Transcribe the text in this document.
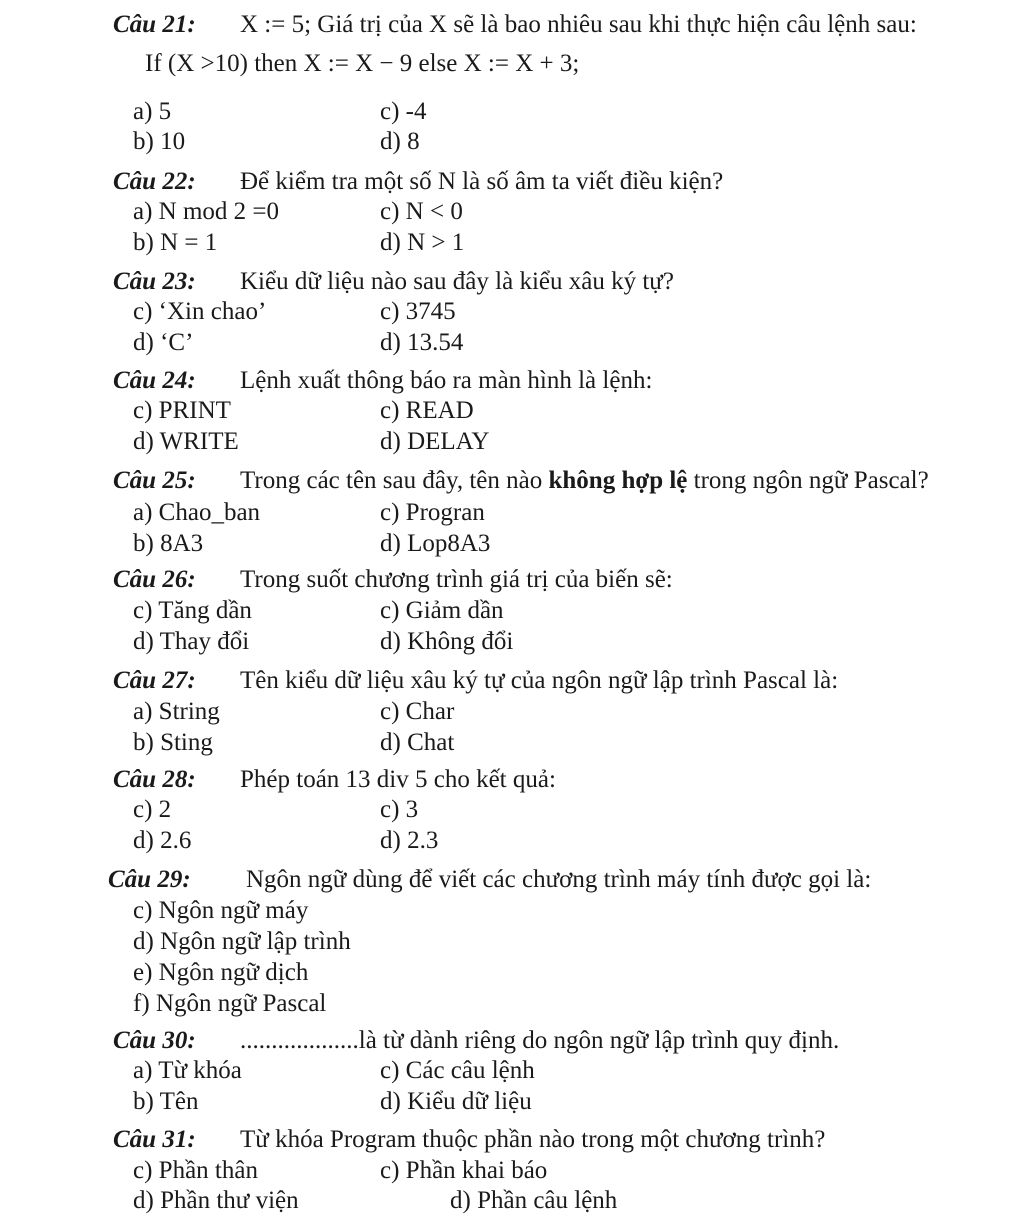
Câu 21: X := 5; Giá trị của X sẽ là bao nhiêu sau khi thực hiện câu lệnh sau:
If (X >10) then X := X − 9 else X := X + 3;
a) 5
b) 10
c) -4
d) 8
Câu 22: Để kiểm tra một số N là số âm ta viết điều kiện?
a) N mod 2 =0
b) N = 1
c) N < 0
d) N > 1
Câu 23: Kiểu dữ liệu nào sau đây là kiểu xâu ký tự?
c) ‘Xin chao’
d) ‘C’
c) 3745
d) 13.54
Câu 24: Lệnh xuất thông báo ra màn hình là lệnh:
c) PRINT
d) WRITE
c) READ
d) DELAY
Câu 25: Trong các tên sau đây, tên nào không hợp lệ trong ngôn ngữ Pascal?
a) Chao_ban
b) 8A3
c) Progran
d) Lop8A3
Câu 26: Trong suốt chương trình giá trị của biến sẽ:
c) Tăng dần
d) Thay đổi
c) Giảm dần
d) Không đổi
Câu 27: Tên kiểu dữ liệu xâu ký tự của ngôn ngữ lập trình Pascal là:
a) String
b) Sting
c) Char
d) Chat
Câu 28: Phép toán 13 div 5 cho kết quả:
c) 2
d) 2.6
c) 3
d) 2.3
Câu 29: Ngôn ngữ dùng để viết các chương trình máy tính được gọi là:
c) Ngôn ngữ máy
d) Ngôn ngữ lập trình
e) Ngôn ngữ dịch
f) Ngôn ngữ Pascal
Câu 30: ...................là từ dành riêng do ngôn ngữ lập trình quy định.
a) Từ khóa
b) Tên
c) Các câu lệnh
d) Kiểu dữ liệu
Câu 31: Từ khóa Program thuộc phần nào trong một chương trình?
c) Phần thân
d) Phần thư viện
c) Phần khai báo
d) Phần câu lệnh
